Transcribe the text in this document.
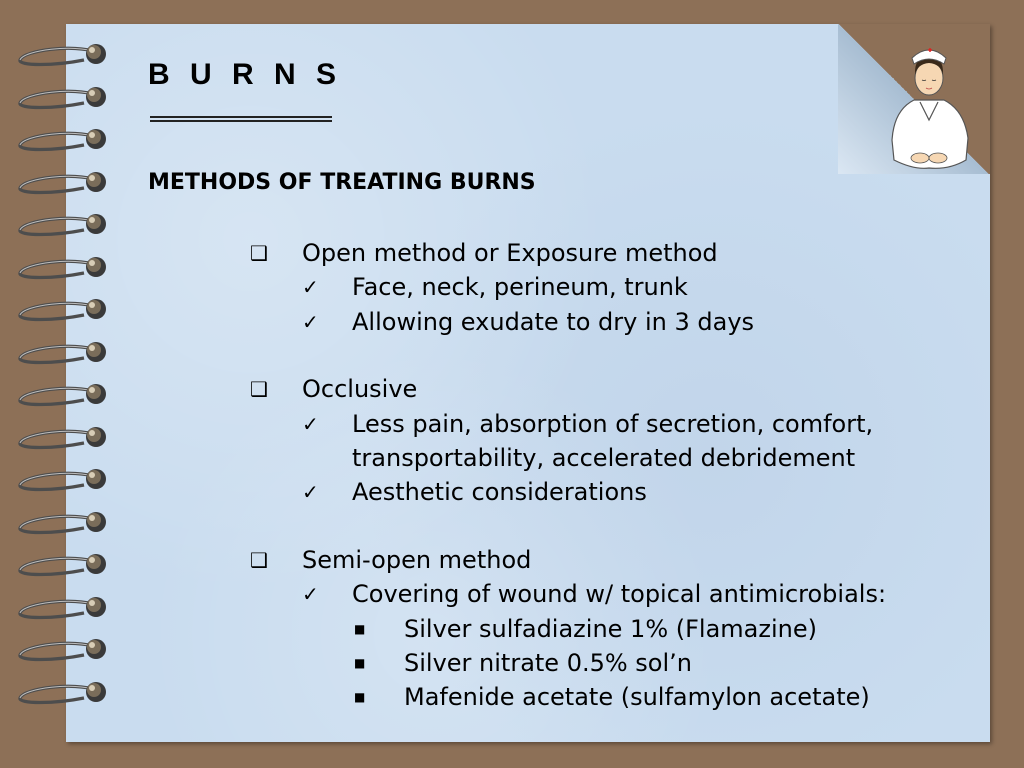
B U R N S
METHODS OF TREATING BURNS
❑ Open method or Exposure method
✓ Face, neck, perineum, trunk
✓ Allowing exudate to dry in 3 days
❑ Occlusive
✓ Less pain, absorption of secretion, comfort,
transportability, accelerated debridement
✓ Aesthetic considerations
❑ Semi-open method
✓ Covering of wound w/ topical antimicrobials:
■ Silver sulfadiazine 1% (Flamazine)
■ Silver nitrate 0.5% sol’n
■ Mafenide acetate (sulfamylon acetate)
